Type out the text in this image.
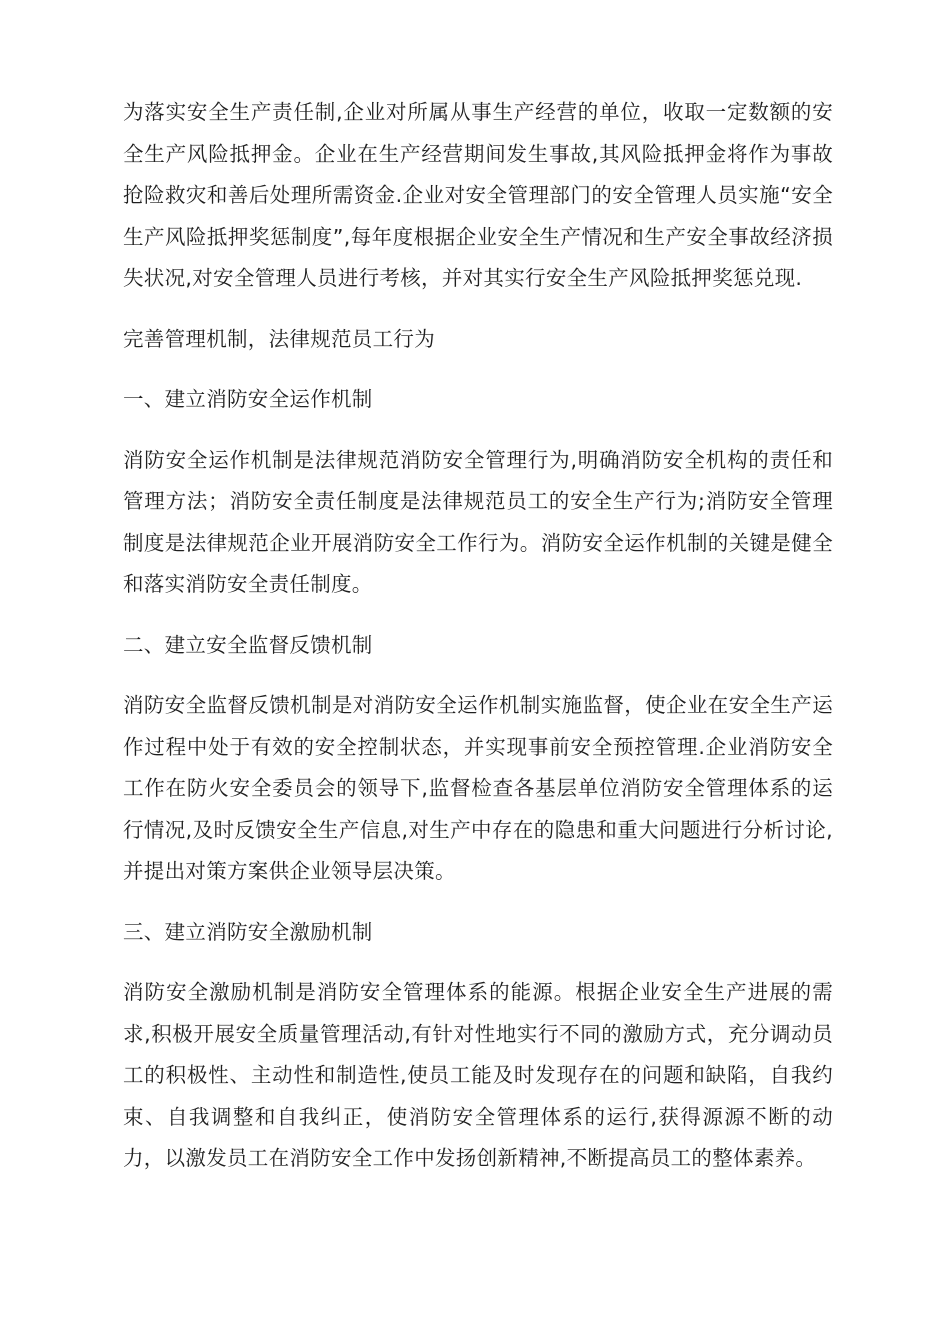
为落实安全生产责任制,企业对所属从事生产经营的单位，收取一定数额的安全生产风险抵押金。企业在生产经营期间发生事故,其风险抵押金将作为事故抢险救灾和善后处理所需资金.企业对安全管理部门的安全管理人员实施“安全生产风险抵押奖惩制度”,每年度根据企业安全生产情况和生产安全事故经济损失状况,对安全管理人员进行考核，并对其实行安全生产风险抵押奖惩兑现.

完善管理机制，法律规范员工行为

一、建立消防安全运作机制

消防安全运作机制是法律规范消防安全管理行为,明确消防安全机构的责任和管理方法；消防安全责任制度是法律规范员工的安全生产行为;消防安全管理制度是法律规范企业开展消防安全工作行为。消防安全运作机制的关键是健全和落实消防安全责任制度。

二、建立安全监督反馈机制

消防安全监督反馈机制是对消防安全运作机制实施监督，使企业在安全生产运作过程中处于有效的安全控制状态，并实现事前安全预控管理.企业消防安全工作在防火安全委员会的领导下,监督检查各基层单位消防安全管理体系的运行情况,及时反馈安全生产信息,对生产中存在的隐患和重大问题进行分析讨论,并提出对策方案供企业领导层决策。

三、建立消防安全激励机制

消防安全激励机制是消防安全管理体系的能源。根据企业安全生产进展的需求,积极开展安全质量管理活动,有针对性地实行不同的激励方式，充分调动员工的积极性、主动性和制造性,使员工能及时发现存在的问题和缺陷，自我约束、自我调整和自我纠正，使消防安全管理体系的运行,获得源源不断的动力，以激发员工在消防安全工作中发扬创新精神,不断提高员工的整体素养。
